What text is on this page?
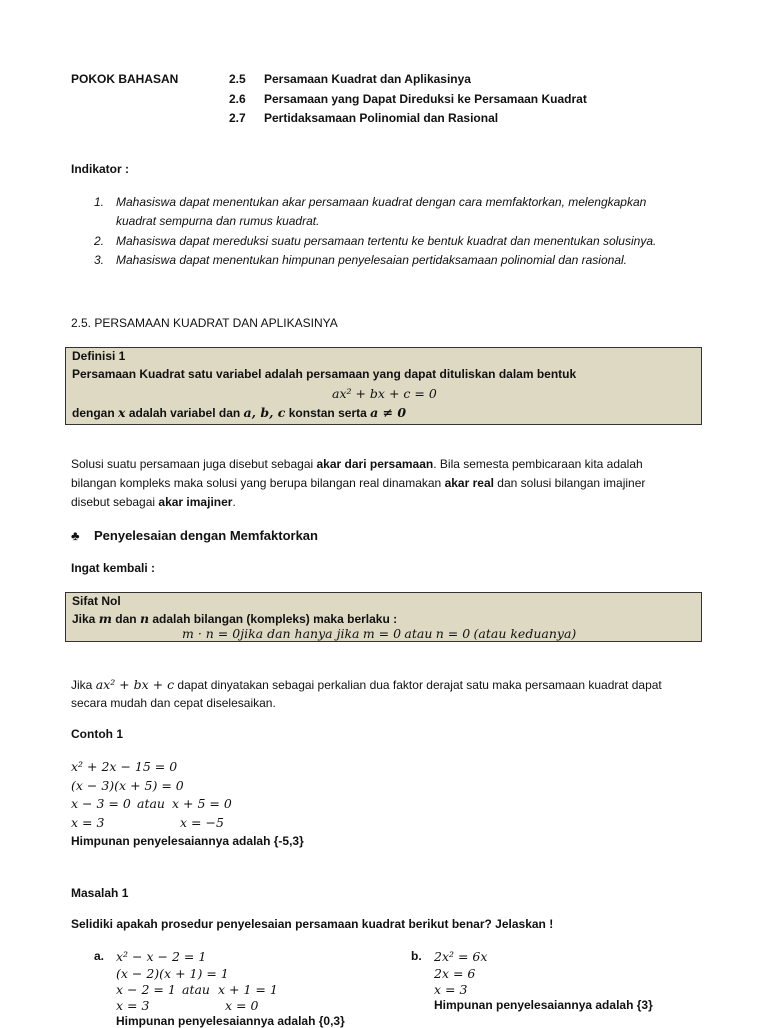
POKOK BAHASAN	2.5 Persamaan Kuadrat dan Aplikasinya
2.6 Persamaan yang Dapat Direduksi ke Persamaan Kuadrat
2.7 Pertidaksamaan Polinomial dan Rasional
Indikator :
1. Mahasiswa dapat menentukan akar persamaan kuadrat dengan cara memfaktorkan, melengkapkan
kuadrat sempurna dan rumus kuadrat.
2. Mahasiswa dapat mereduksi suatu persamaan tertentu ke bentuk kuadrat dan menentukan solusinya.
3. Mahasiswa dapat menentukan himpunan penyelesaian pertidaksamaan polinomial dan rasional.
2.5. PERSAMAAN KUADRAT DAN APLIKASINYA
Definisi 1
Persamaan Kuadrat satu variabel adalah persamaan yang dapat dituliskan dalam bentuk
ax² + bx + c = 0
dengan x adalah variabel dan a, b, c konstan serta a ≠ 0
Solusi suatu persamaan juga disebut sebagai akar dari persamaan. Bila semesta pembicaraan kita adalah
bilangan kompleks maka solusi yang berupa bilangan real dinamakan akar real dan solusi bilangan imajiner
disebut sebagai akar imajiner.
♣ Penyelesaian dengan Memfaktorkan
Ingat kembali :
Sifat Nol
Jika m dan n adalah bilangan (kompleks) maka berlaku :
m · n = 0jika dan hanya jika m = 0 atau n = 0 (atau keduanya)
Jika ax² + bx + c dapat dinyatakan sebagai perkalian dua faktor derajat satu maka persamaan kuadrat dapat
secara mudah dan cepat diselesaikan.
Contoh 1
x² + 2x − 15 = 0
(x − 3)(x + 5) = 0
x − 3 = 0 atau x + 5 = 0
x = 3	x = −5
Himpunan penyelesaiannya adalah {-5,3}
Masalah 1
Selidiki apakah prosedur penyelesaian persamaan kuadrat berikut benar? Jelaskan !
a. x² − x − 2 = 1
(x − 2)(x + 1) = 1
x − 2 = 1 atau x + 1 = 1
x = 3	x = 0
Himpunan penyelesaiannya adalah {0,3}
b. 2x² = 6x
2x = 6
x = 3
Himpunan penyelesaiannya adalah {3}
